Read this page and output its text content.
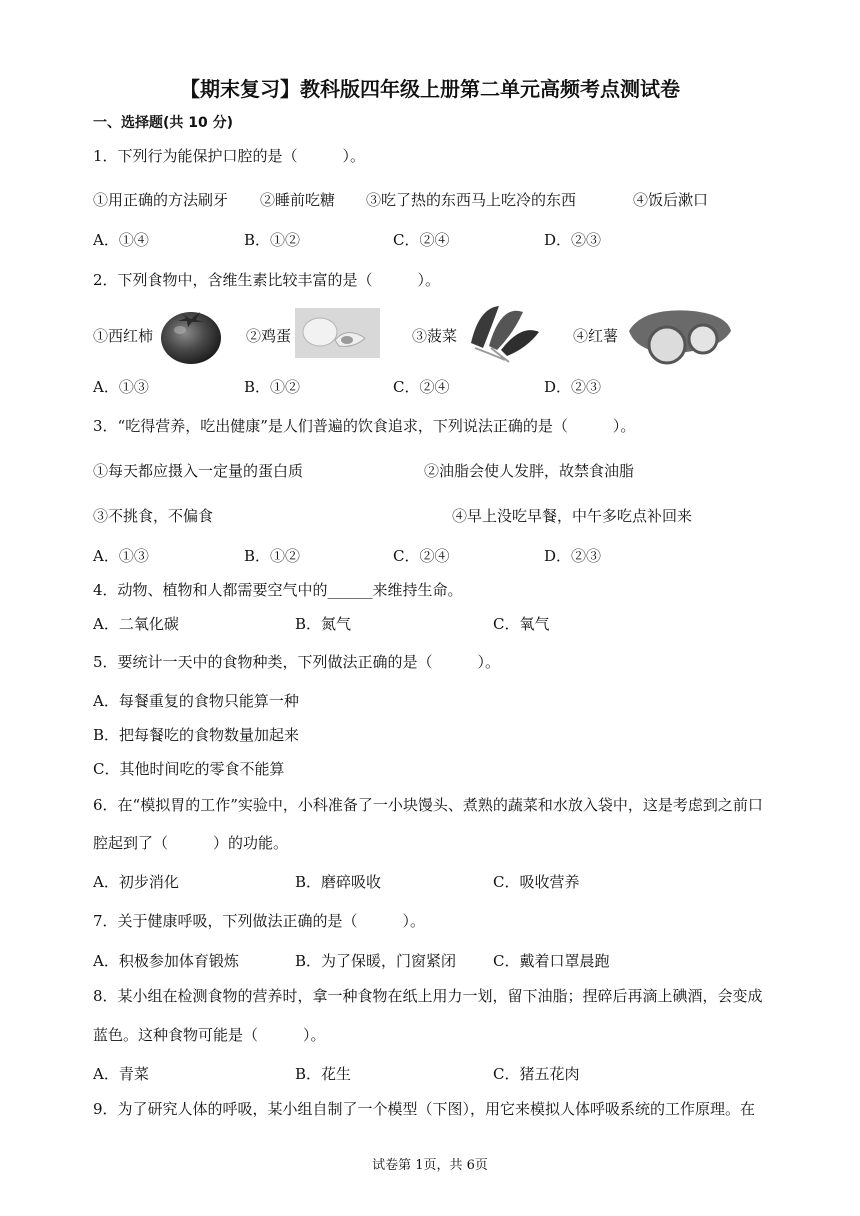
【期末复习】教科版四年级上册第二单元高频考点测试卷
一、选择题(共 10 分)
1．下列行为能保护口腔的是（　　　）。
①用正确的方法刷牙 ②睡前吃糖 ③吃了热的东西马上吃冷的东西	④饭后漱口
A．①④	B．①②	C．②④	D．②③
2．下列食物中，含维生素比较丰富的是（　　　）。
①西红柿	②鸡蛋	③菠菜	④红薯
A．①③	B．①②	C．②④	D．②③
3．“吃得营养，吃出健康”是人们普遍的饮食追求，下列说法正确的是（　　　）。
①每天都应摄入一定量的蛋白质	②油脂会使人发胖，故禁食油脂
③不挑食，不偏食	④早上没吃早餐，中午多吃点补回来
A．①③	B．①②	C．②④	D．②③
4．动物、植物和人都需要空气中的______来维持生命。
A．二氧化碳	B．氮气	C．氧气
5．要统计一天中的食物种类，下列做法正确的是（　　　）。
A．每餐重复的食物只能算一种
B．把每餐吃的食物数量加起来
C．其他时间吃的零食不能算
6．在“模拟胃的工作”实验中，小科准备了一小块馒头、煮熟的蔬菜和水放入袋中，这是考虑到之前口
腔起到了（　　　）的功能。
A．初步消化	B．磨碎吸收	C．吸收营养
7．关于健康呼吸，下列做法正确的是（　　　）。
A．积极参加体育锻炼	B．为了保暖，门窗紧闭 C．戴着口罩晨跑
8．某小组在检测食物的营养时，拿一种食物在纸上用力一划，留下油脂；捏碎后再滴上碘酒，会变成
蓝色。这种食物可能是（　　　）。
A．青菜	B．花生	C．猪五花肉
9．为了研究人体的呼吸，某小组自制了一个模型（下图），用它来模拟人体呼吸系统的工作原理。在
试卷第 1页，共 6页
